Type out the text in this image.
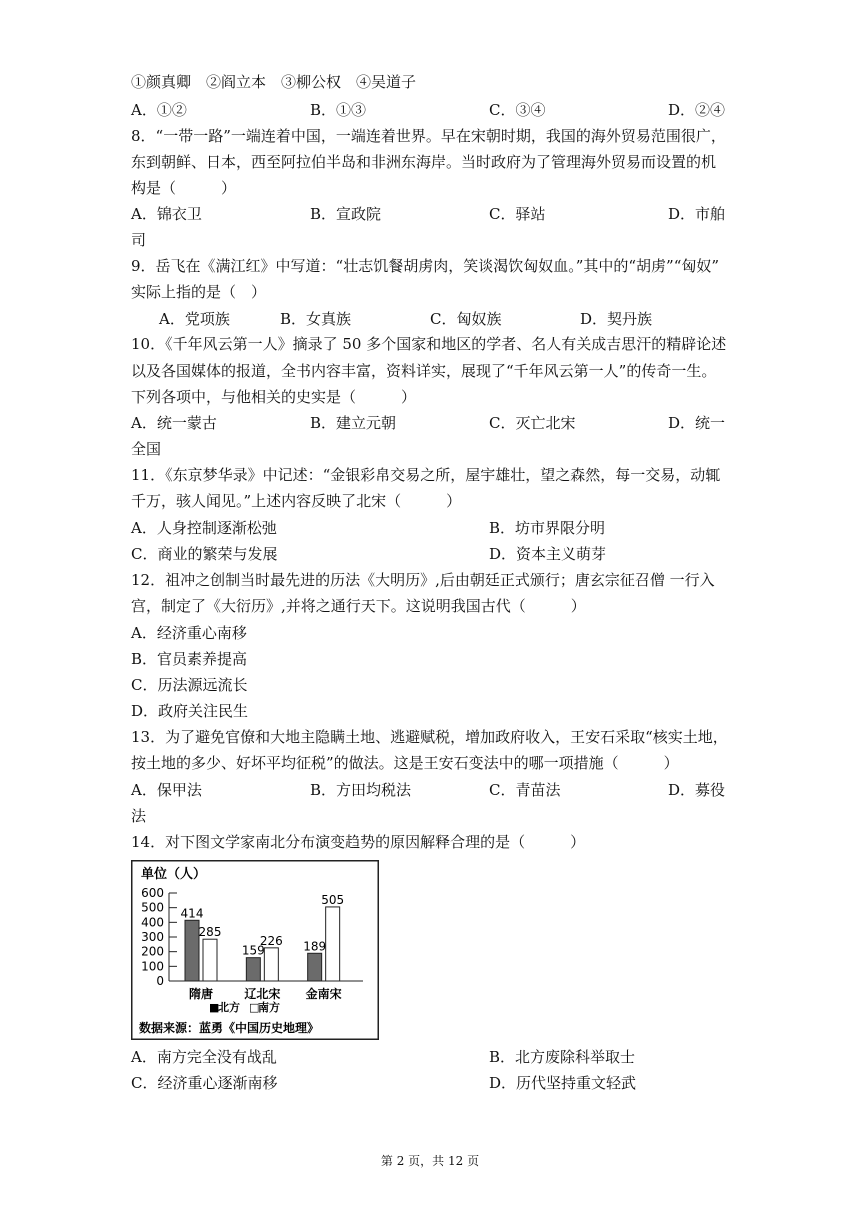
①颜真卿　②阎立本　③柳公权　④吴道子
A．①②	B．①③	C．③④	D．②④
8．“一带一路”一端连着中国，一端连着世界。早在宋朝时期，我国的海外贸易范围很广，
东到朝鲜、日本，西至阿拉伯半岛和非洲东海岸。当时政府为了管理海外贸易而设置的机
构是（　　　）
A．锦衣卫	B．宣政院	C．驿站	D．市舶
司
9．岳飞在《满江红》中写道：“壮志饥餐胡虏肉，笑谈渴饮匈奴血。”其中的“胡虏”“匈奴”
实际上指的是（　）
A．党项族	B．女真族	C．匈奴族	D．契丹族
10．《千年风云第一人》摘录了 50 多个国家和地区的学者、名人有关成吉思汗的精辟论述
以及各国媒体的报道，全书内容丰富，资料详实，展现了“千年风云第一人”的传奇一生。
下列各项中，与他相关的史实是（　　　）
A．统一蒙古	B．建立元朝	C．灭亡北宋	D．统一
全国
11．《东京梦华录》中记述：“金银彩帛交易之所，屋宇雄壮，望之森然，每一交易，动辄
千万，骇人闻见。”上述内容反映了北宋（　　　）
A．人身控制逐渐松弛	B．坊市界限分明
C．商业的繁荣与发展	D．资本主义萌芽
12．祖冲之创制当时最先进的历法《大明历》,后由朝廷正式颁行；唐玄宗征召僧 一行入
宫，制定了《大衍历》,并将之通行天下。这说明我国古代（　　　）
A．经济重心南移
B．官员素养提高
C．历法源远流长
D．政府关注民生
13．为了避免官僚和大地主隐瞒土地、逃避赋税，增加政府收入，王安石采取“核实土地，
按土地的多少、好坏平均征税”的做法。这是王安石变法中的哪一项措施（　　　）
A．保甲法	B．方田均税法	C．青苗法	D．募役
法
14．对下图文学家南北分布演变趋势的原因解释合理的是（　　　）
单位（人）
600
500
400
300
200
100
0
414
285
159
226 189
505
隋唐	辽北宋 金南宋
■
北方 □
南方
数据来源：蓝勇《中国历史地理》
A．南方完全没有战乱	B．北方废除科举取士
C．经济重心逐渐南移	D．历代坚持重文轻武
第 2 页，共 12 页
